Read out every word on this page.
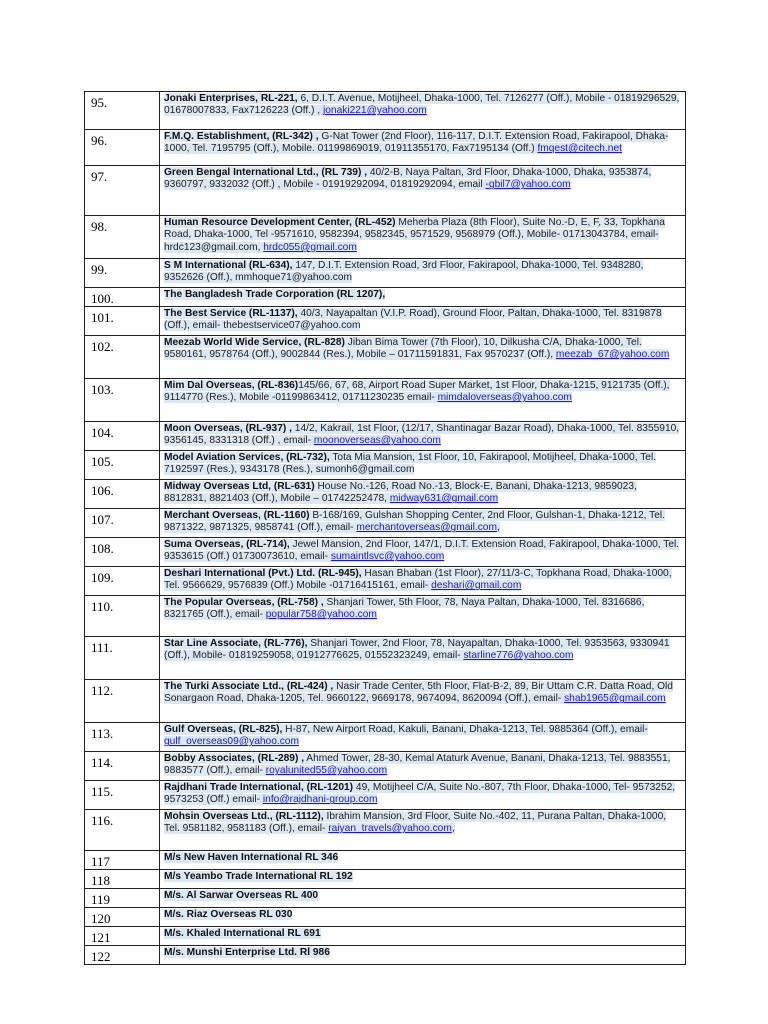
95.	Jonaki Enterprises, RL-221, 6, D.I.T. Avenue, Motijheel, Dhaka-1000, Tel. 7126277 (Off.), Mobile - 01819296529, 01678007833, Fax7126223 (Off.) , jonaki221@yahoo.com
96.	F.M.Q. Establishment, (RL-342) , G-Nat Tower (2nd Floor), 116-117, D.I.T. Extension Road, Fakirapool, Dhaka-1000, Tel. 7195795 (Off.), Mobile. 01199869019, 01911355170, Fax7195134 (Off.) fmqest@citech.net
97.	Green Bengal International Ltd., (RL 739) , 40/2-B, Naya Paltan, 3rd Floor, Dhaka-1000, Dhaka, 9353874, 9360797, 9332032 (Off.) , Mobile - 01919292094, 01819292094, email -gbil7@yahoo.com
98.	Human Resource Development Center, (RL-452) Meherba Plaza (8th Floor), Suite No.-D, E, F, 33, Topkhana Road, Dhaka-1000, Tel -9571610, 9582394, 9582345, 9571529, 9568979 (Off.), Mobile- 01713043784, email-hrdc123@gmail.com, hrdc055@gmail.com
99.	S M International (RL-634), 147, D.I.T. Extension Road, 3rd Floor, Fakirapool, Dhaka-1000, Tel. 9348280, 9352626 (Off.), mmhoque71@yahoo.com
100.	The Bangladesh Trade Corporation (RL 1207),
101.	The Best Service (RL-1137), 40/3, Nayapaltan (V.I.P. Road), Ground Floor, Paltan, Dhaka-1000, Tel. 8319878 (Off.), email- thebestservice07@yahoo.com
102.	Meezab World Wide Service, (RL-828) Jiban Bima Tower (7th Floor), 10, Dilkusha C/A, Dhaka-1000, Tel. 9580161, 9578764 (Off.), 9002844 (Res.), Mobile – 01711591831, Fax 9570237 (Off.), meezab_67@yahoo.com
103.	Mim Dal Overseas, (RL-836)145/66, 67, 68, Airport Road Super Market, 1st Floor, Dhaka-1215, 9121735 (Off.), 9114770 (Res.), Mobile -01199863412, 01711230235 email- mimdaloverseas@yahoo.com
104.	Moon Overseas, (RL-937) , 14/2, Kakrail, 1st Floor, (12/17, Shantinagar Bazar Road), Dhaka-1000, Tel. 8355910, 9356145, 8331318 (Off.) , email- moonoverseas@yahoo.com
105.	Model Aviation Services, (RL-732), Tota Mia Mansion, 1st Floor, 10, Fakirapool, Motijheel, Dhaka-1000, Tel. 7192597 (Res.), 9343178 (Res.), sumonh6@gmail.com
106.	Midway Overseas Ltd, (RL-631) House No.-126, Road No.-13, Block-E, Banani, Dhaka-1213, 9859023, 8812831, 8821403 (Off.), Mobile – 01742252478, midway631@gmail.com
107.	Merchant Overseas, (RL-1160) B-168/169, Gulshan Shopping Center, 2nd Floor, Gulshan-1, Dhaka-1212, Tel. 9871322, 9871325, 9858741 (Off.), email- merchantoverseas@gmail.com,
108.	Suma Overseas, (RL-714), Jewel Mansion, 2nd Floor, 147/1, D.I.T. Extension Road, Fakirapool, Dhaka-1000, Tel. 9353615 (Off.) 01730073610, email- sumaintlsvc@yahoo.com
109.	Deshari International (Pvt.) Ltd. (RL-945), Hasan Bhaban (1st Floor), 27/11/3-C, Topkhana Road, Dhaka-1000, Tel. 9566629, 9576839 (Off.) Mobile -01716415161, email- deshari@gmail.com
110.	The Popular Overseas, (RL-758) , Shanjari Tower, 5th Floor, 78, Naya Paltan, Dhaka-1000, Tel. 8316686, 8321765 (Off.), email- popular758@yahoo.com
111.	Star Line Associate, (RL-776), Shanjari Tower, 2nd Floor, 78, Nayapaltan, Dhaka-1000, Tel. 9353563, 9330941 (Off.), Mobile- 01819259058, 01912776625, 01552323249, email- starline776@yahoo.com
112.	The Turki Associate Ltd., (RL-424) , Nasir Trade Center, 5th Floor, Flat-B-2, 89, Bir Uttam C.R. Datta Road, Old Sonargaon Road, Dhaka-1205, Tel. 9660122, 9669178, 9674094, 8620094 (Off.), email- shab1965@gmail.com
113.	Gulf Overseas, (RL-825), H-87, New Airport Road, Kakuli, Banani, Dhaka-1213, Tel. 9885364 (Off.), email- gulf_overseas09@yahoo.com
114.	Bobby Associates, (RL-289) , Ahmed Tower, 28-30, Kemal Ataturk Avenue, Banani, Dhaka-1213, Tel. 9883551, 9883577 (Off.), email- royalunited55@yahoo.com
115.	Rajdhani Trade International, (RL-1201) 49, Motijheel C/A, Suite No.-807, 7th Floor, Dhaka-1000, Tel- 9573252, 9573253 (Off.) email- info@rajdhani-group.com
116.	Mohsin Overseas Ltd., (RL-1112), Ibrahim Mansion, 3rd Floor, Suite No.-402, 11, Purana Paltan, Dhaka-1000, Tel. 9581182, 9581183 (Off.), email- raiyan_travels@yahoo.com,
117	M/s New Haven International RL 346
118	M/s Yeambo Trade International RL 192
119	M/s. Al Sarwar Overseas RL 400
120	M/s. Riaz Overseas RL 030
121	M/s. Khaled International RL 691
122	M/s. Munshi Enterprise Ltd. Rl 986
